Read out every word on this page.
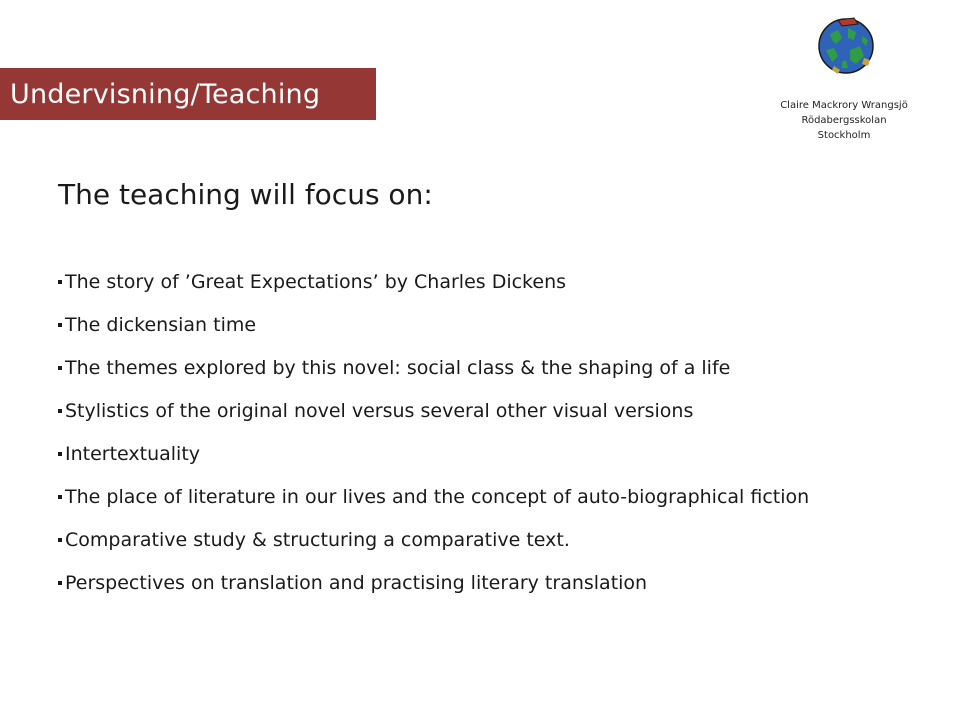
Undervisning/Teaching	Claire Mackrory Wrangsjö
Rödabergsskolan
Stockholm
The teaching will focus on:
The story of ’Great Expectations’ by Charles Dickens
The dickensian time
The themes explored by this novel: social class & the shaping of a life
Stylistics of the original novel versus several other visual versions
Intertextuality
The place of literature in our lives and the concept of auto-biographical fiction
Comparative study & structuring a comparative text.
Perspectives on translation and practising literary translation
